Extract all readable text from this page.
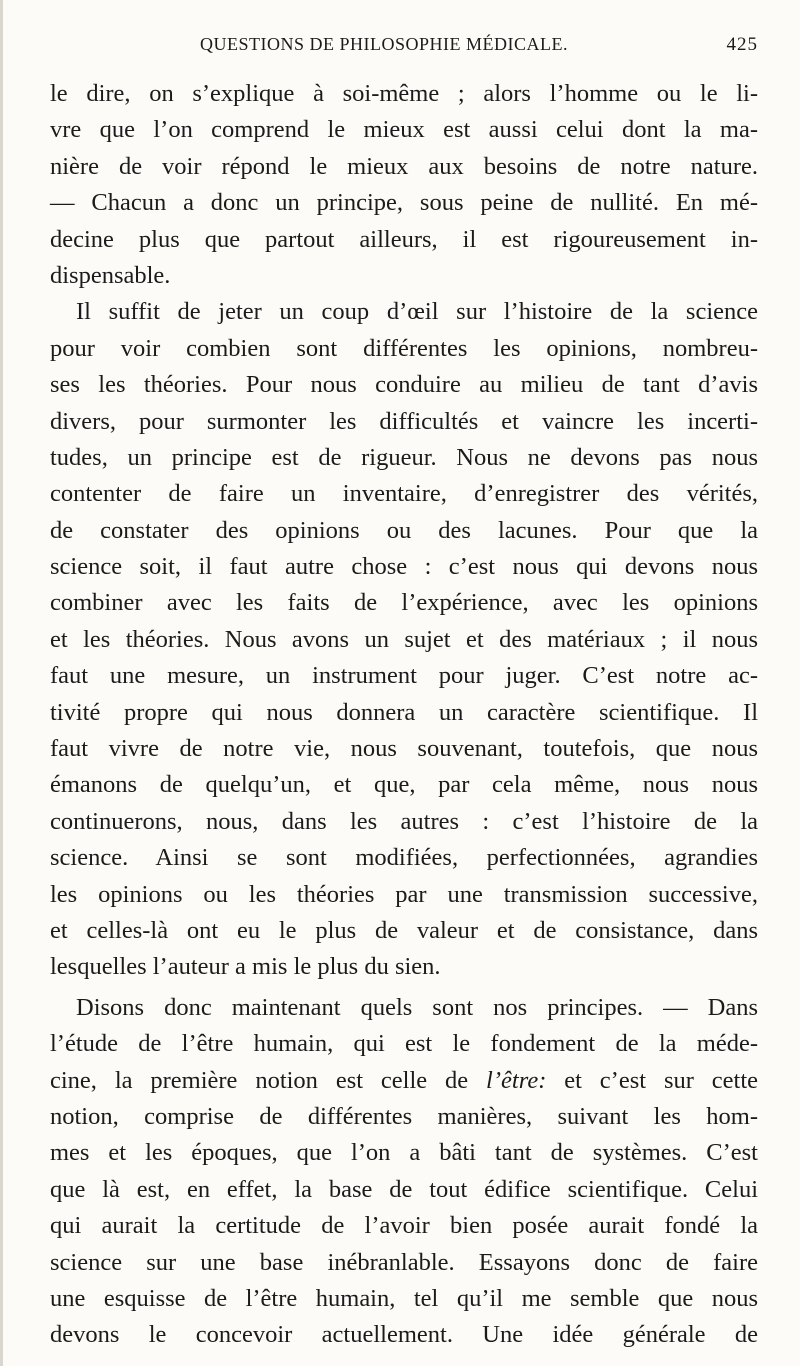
QUESTIONS DE PHILOSOPHIE MÉDICALE.	425
le dire, on s’explique à soi-même ; alors l’homme ou le li-
vre que l’on comprend le mieux est aussi celui dont la ma-
nière de voir répond le mieux aux besoins de notre nature.
— Chacun a donc un principe, sous peine de nullité. En mé-
decine plus que partout ailleurs, il est rigoureusement in-
dispensable.
Il suffit de jeter un coup d’œil sur l’histoire de la science
pour voir combien sont différentes les opinions, nombreu-
ses les théories. Pour nous conduire au milieu de tant d’avis
divers, pour surmonter les difficultés et vaincre les incerti-
tudes, un principe est de rigueur. Nous ne devons pas nous
contenter de faire un inventaire, d’enregistrer des vérités,
de constater des opinions ou des lacunes. Pour que la
science soit, il faut autre chose : c’est nous qui devons nous
combiner avec les faits de l’expérience, avec les opinions
et les théories. Nous avons un sujet et des matériaux ; il nous
faut une mesure, un instrument pour juger. C’est notre ac-
tivité propre qui nous donnera un caractère scientifique. Il
faut vivre de notre vie, nous souvenant, toutefois, que nous
émanons de quelqu’un, et que, par cela même, nous nous
continuerons, nous, dans les autres : c’est l’histoire de la
science. Ainsi se sont modifiées, perfectionnées, agrandies
les opinions ou les théories par une transmission successive,
et celles-là ont eu le plus de valeur et de consistance, dans
lesquelles l’auteur a mis le plus du sien.
Disons donc maintenant quels sont nos principes. — Dans
l’étude de l’être humain, qui est le fondement de la méde-
cine, la première notion est celle de l’être: et c’est sur cette
notion, comprise de différentes manières, suivant les hom-
mes et les époques, que l’on a bâti tant de systèmes. C’est
que là est, en effet, la base de tout édifice scientifique. Celui
qui aurait la certitude de l’avoir bien posée aurait fondé la
science sur une base inébranlable. Essayons donc de faire
une esquisse de l’être humain, tel qu’il me semble que nous
devons le concevoir actuellement. Une idée générale de
